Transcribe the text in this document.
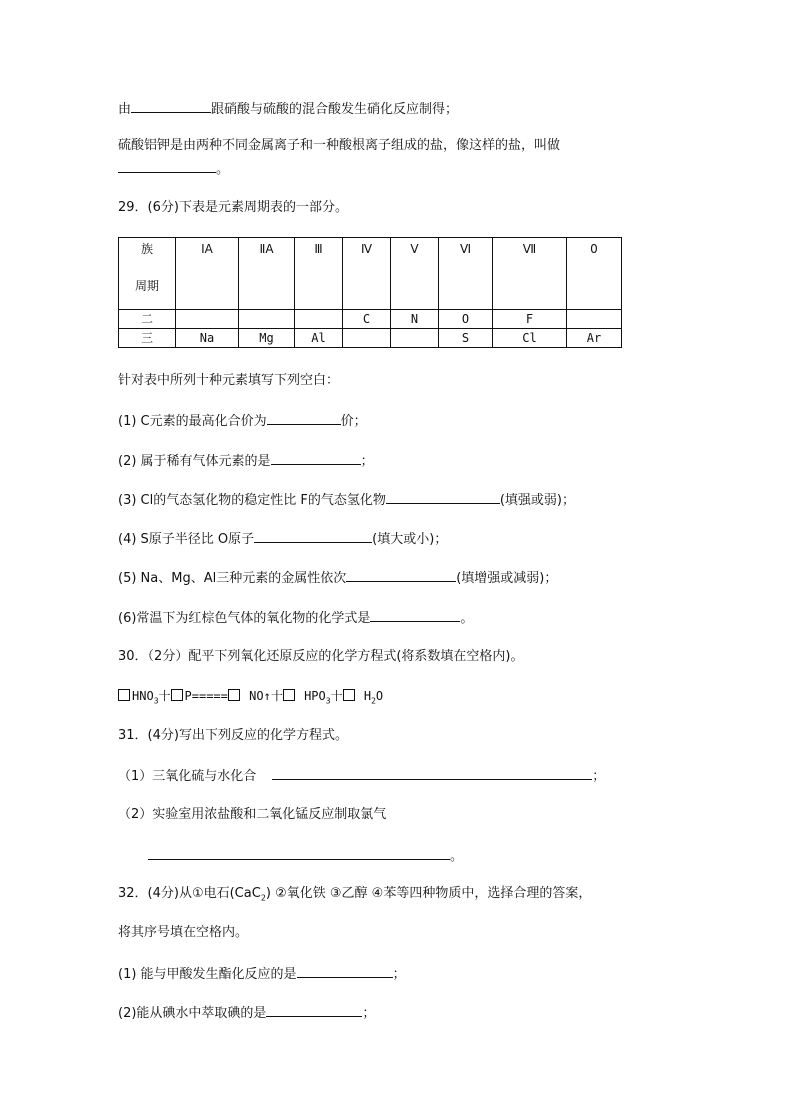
由	跟硝酸与硫酸的混合酸发生硝化反应制得；
硫酸铝钾是由两种不同金属离子和一种酸根离子组成的盐，像这样的盐，叫做
。
29．(6分)下表是元素周期表的一部分。
族
周期	ⅠA	ⅡA	Ⅲ	Ⅳ	Ⅴ	Ⅵ	Ⅶ	0
二				C	N	O	F	
三	Na	Mg	Al			S	Cl	Ar
针对表中所列十种元素填写下列空白：
(1) C元素的最高化合价为	价；
(2) 属于稀有气体元素的是	；
(3) Cl的气态氢化物的稳定性比 F的气态氢化物	(填强或弱)；
(4) S原子半径比 O原子	(填大或小)；
(5) Na、Mg、Al三种元素的金属性依次	(填增强或减弱)；
(6)常温下为红棕色气体的氧化物的化学式是	。
30．（2分）配平下列氧化还原反应的化学方程式(将系数填在空格内)。
$HNO_3$十 P===== NO↑十 $HPO_3$十 $H_2O$
31．(4分)写出下列反应的化学方程式。
（1）三氧化硫与水化合	；
（2）实验室用浓盐酸和二氧化锰反应制取氯气
。
32．(4分)从①电石(CaC$_2$) ②氧化铁 ③乙醇 ④苯等四种物质中，选择合理的答案，
将其序号填在空格内。
(1) 能与甲酸发生酯化反应的是	；
(2)能从碘水中萃取碘的是	；
